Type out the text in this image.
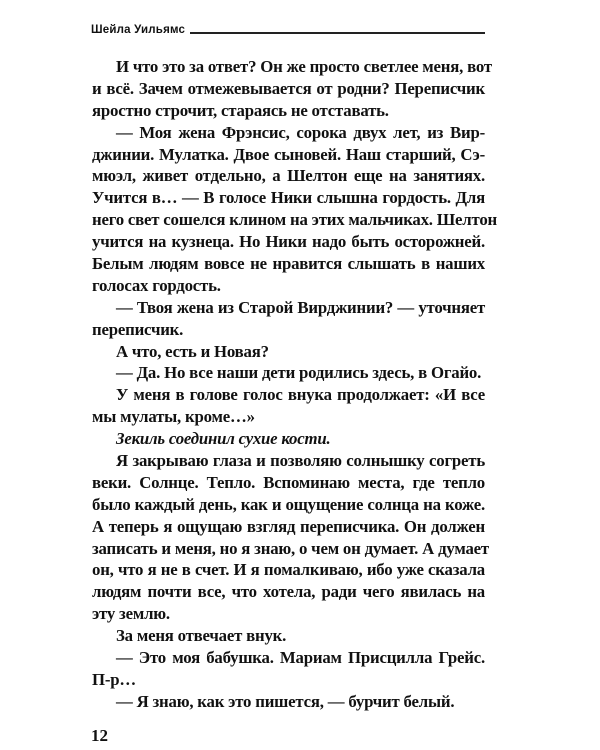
Шейла Уильямс
И что это за ответ? Он же просто светлее меня, вот
и всё. Зачем отмежевывается от родни? Переписчик
яростно строчит, стараясь не отставать.
— Моя жена Фрэнсис, сорока двух лет, из Вир-
джинии. Мулатка. Двое сыновей. Наш старший, Сэ-
мюэл, живет отдельно, а Шелтон еще на занятиях.
Учится в… — В голосе Ники слышна гордость. Для
него свет сошелся клином на этих мальчиках. Шелтон
учится на кузнеца. Но Ники надо быть осторожней.
Белым людям вовсе не нравится слышать в наших
голосах гордость.
— Твоя жена из Старой Вирджинии? — уточняет
переписчик.
А что, есть и Новая?
— Да. Но все наши дети родились здесь, в Огайо.
У меня в голове голос внука продолжает: «И все
мы мулаты, кроме…»
Зекиль соединил сухие кости.
Я закрываю глаза и позволяю солнышку согреть
веки. Солнце. Тепло. Вспоминаю места, где тепло
было каждый день, как и ощущение солнца на коже.
А теперь я ощущаю взгляд переписчика. Он должен
записать и меня, но я знаю, о чем он думает. А думает
он, что я не в счет. И я помалкиваю, ибо уже сказала
людям почти все, что хотела, ради чего явилась на
эту землю.
За меня отвечает внук.
— Это моя бабушка. Мариам Присцилла Грейс.
П-р…
— Я знаю, как это пишется, — бурчит белый.
12
